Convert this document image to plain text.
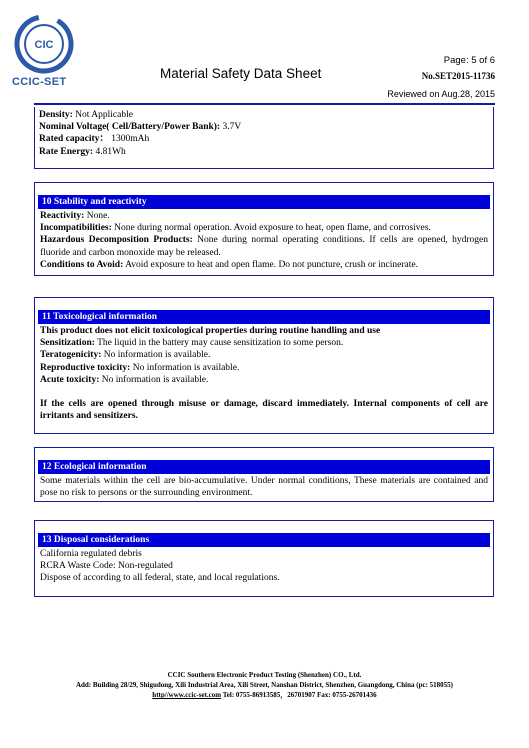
CIC
CCIC-SET
Material Safety Data Sheet
Page: 5 of 6
No.SET2015-11736
Reviewed on Aug.28, 2015
Density: Not Applicable
Nominal Voltage( Cell/Battery/Power Bank): 3.7V
Rated capacity： 1300mAh
Rate Energy: 4.81Wh
10 Stability and reactivity
Reactivity: None.
Incompatibilities: None during normal operation. Avoid exposure to heat, open flame, and corrosives.
Hazardous Decomposition Products: None during normal operating conditions. If cells are opened, hydrogen fluoride and carbon monoxide may be released.
Conditions to Avoid: Avoid exposure to heat and open flame. Do not puncture, crush or incinerate.
11 Toxicological information
This product does not elicit toxicological properties during routine handling and use
Sensitization: The liquid in the battery may cause sensitization to some person.
Teratogenicity: No information is available.
Reproductive toxicity: No information is available.
Acute toxicity: No information is available.
If the cells are opened through misuse or damage, discard immediately. Internal components of cell are irritants and sensitizers.
12 Ecological information
Some materials within the cell are bio-accumulative. Under normal conditions, These materials are contained and pose no risk to persons or the surrounding environment.
13 Disposal considerations
California regulated debris
RCRA Waste Code: Non-regulated
Dispose of according to all federal, state, and local regulations.
CCIC Southern Electronic Product Testing (Shenzhen) CO., Ltd.
Add: Building 28/29, Shigudong, Xili Industrial Area, Xili Street, Nanshan District, Shenzhen, Guangdong, China (pc: 518055)
http//www.ccic-set.com Tel: 0755-86913585，26701907 Fax: 0755-26701436
